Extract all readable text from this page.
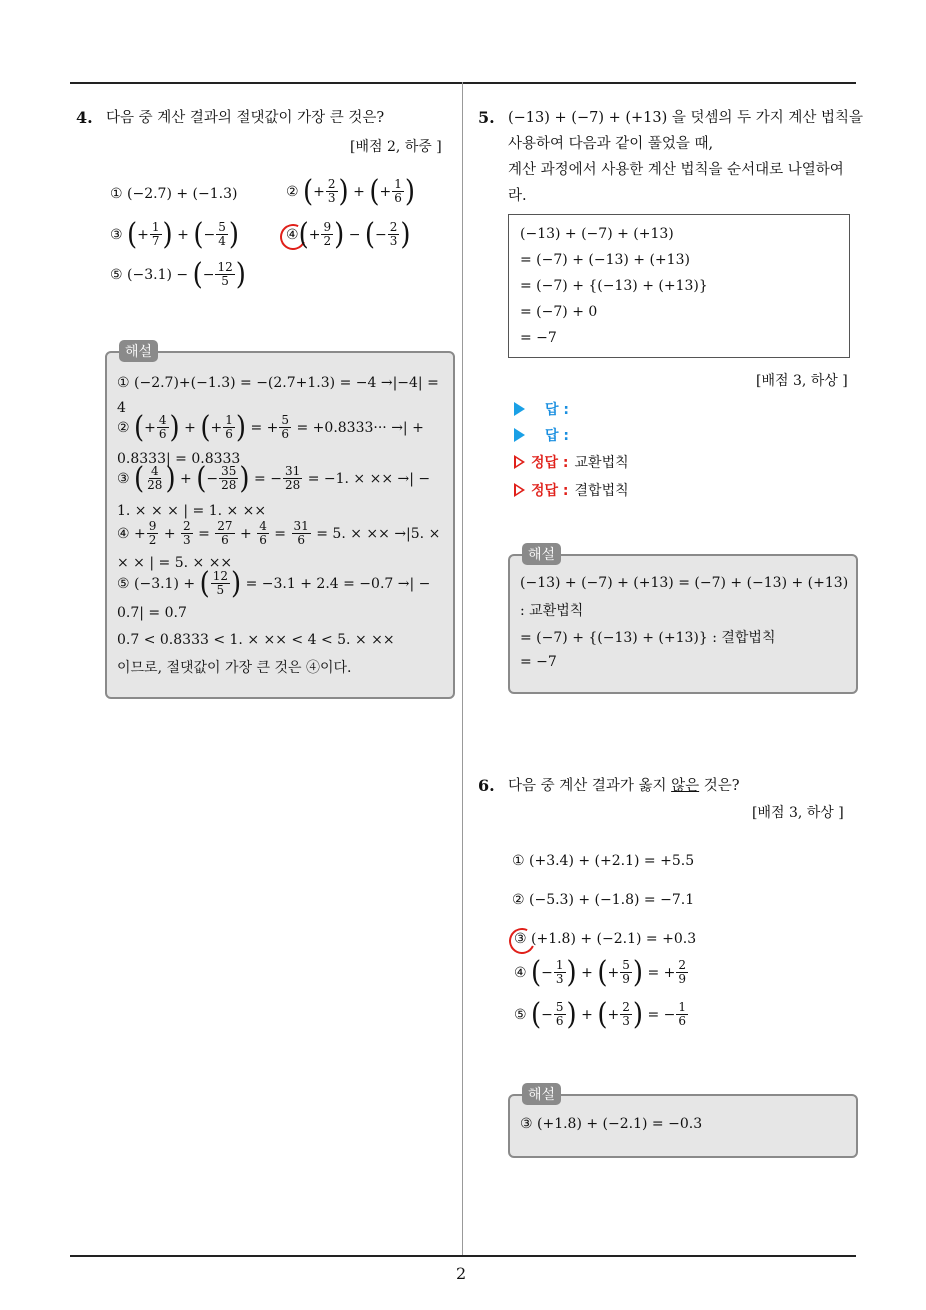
2
4. 다음 중 계산 결과의 절댓값이 가장 큰 것은?
[배점 2, 하중 ]
① (−2.7) + (−1.3)	②
( + $\frac{2}{3}$ ) + ( + $\frac{1}{6}$ )
③
( + $\frac{1}{7}$ ) + ( − $\frac{5}{4}$ )	④ ( + $\frac{9}{2}$ ) − ( − $\frac{2}{3}$ )
⑤
(−3.1) −
( − $\frac{12}{5}$ )
해설
① (−2.7)+(−1.3) = −(2.7+1.3) = −4 →|−4| =
4
②
( + $\frac{4}{6}$ ) + ( + $\frac{1}{6}$ ) = + $\frac{5}{6}$
= +0.8333··· →| +
0.8333| = 0.8333
③
( $\frac{4}{28}$ ) + ( − $\frac{35}{28}$ ) = − $\frac{31}{28}$
= −1. × ×× →| −
1. × × × | = 1. × ××
④ + $\frac{9}{2} + \frac{2}{3} = \frac{27}{6} + \frac{4}{6} = \frac{31}{6}$
= 5. × ×× →|5. ×
× × | = 5. × ××
⑤ (−3.1) +
( $\frac{12}{5}$ )
= −3.1 + 2.4 = −0.7 →| −
0.7| = 0.7
0.7 < 0.8333 < 1. × ×× < 4 < 5. × ××
이므로, 절댓값이 가장 큰 것은 ④이다.
5. (−13) + (−7) + (+13) 을 덧셈의 두 가지 계산 법칙을
사용하여 다음과 같이 풀었을 때,
계산 과정에서 사용한 계산 법칙을 순서대로 나열하여
라.
(−13) + (−7) + (+13)
= (−7) + (−13) + (+13)
= (−7) + {(−13) + (+13)}
= (−7) + 0
= −7
[배점 3, 하상 ]
답 :
답 :
정답 : 교환법칙
정답 : 결합법칙
해설
(−13) + (−7) + (+13) = (−7) + (−13) + (+13)
: 교환법칙
= (−7) + {(−13) + (+13)} : 결합법칙
= −7
6. 다음 중 계산 결과가 옳지 않은 것은?
[배점 3, 하상 ]
① (+3.4) + (+2.1) = +5.5
② (−5.3) + (−1.8) = −7.1
③ (+1.8) + (−2.1) = +0.3
④
( − $\frac{1}{3}$ ) + ( + $\frac{5}{9}$ ) = + $\frac{2}{9}$
⑤
( − $\frac{5}{6}$ ) + ( + $\frac{2}{3}$ ) = − $\frac{1}{6}$
해설
③ (+1.8) + (−2.1) = −0.3
